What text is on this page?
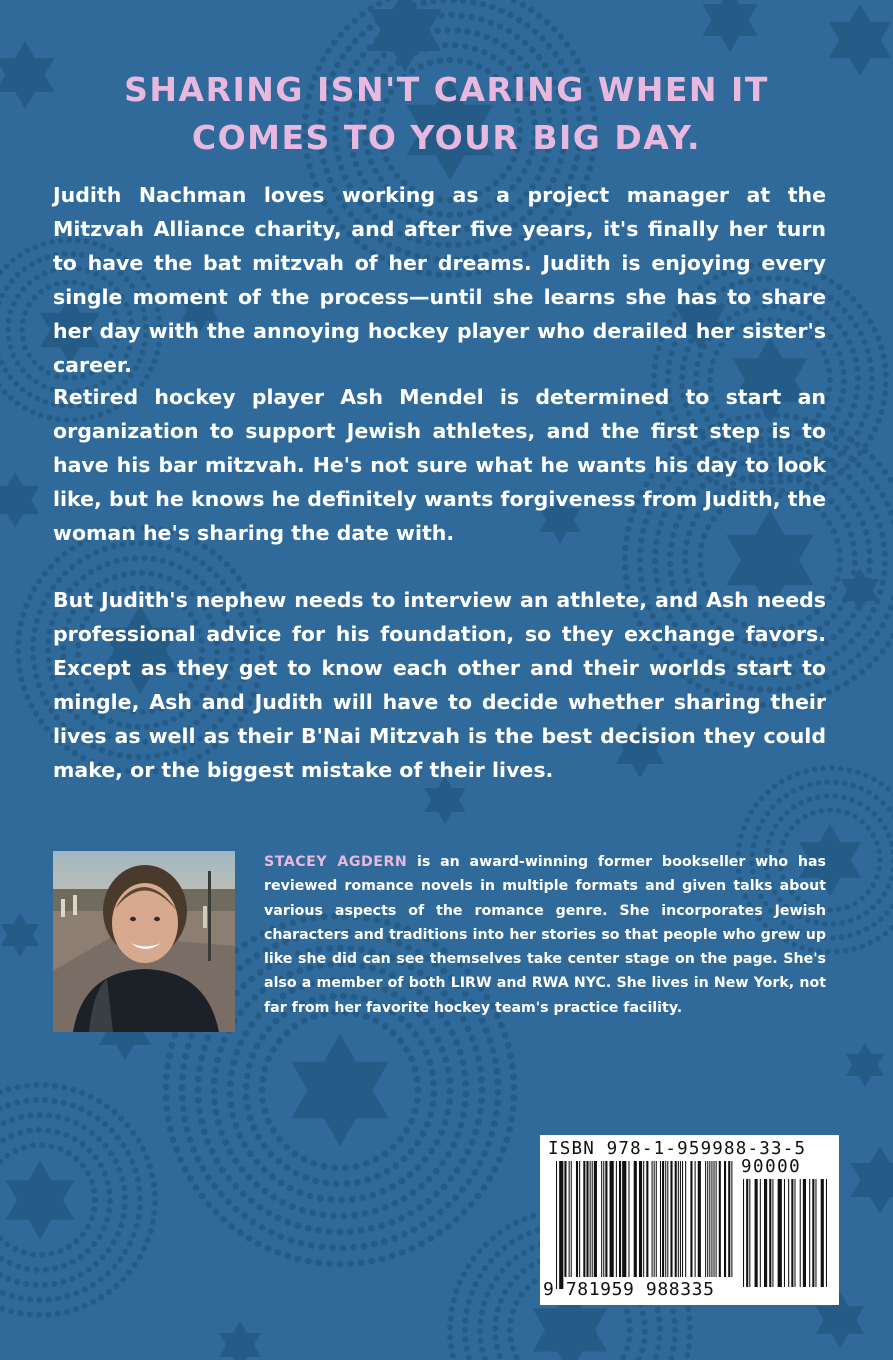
SHARING ISN'T CARING WHEN IT
COMES TO YOUR BIG DAY.

Judith Nachman loves working as a project manager at the Mitzvah Alliance charity, and after five years, it's finally her turn to have the bat mitzvah of her dreams. Judith is enjoying every single moment of the process—until she learns she has to share her day with the annoying hockey player who derailed her sister's career.

Retired hockey player Ash Mendel is determined to start an organization to support Jewish athletes, and the first step is to have his bar mitzvah. He's not sure what he wants his day to look like, but he knows he definitely wants forgiveness from Judith, the woman he's sharing the date with.

But Judith's nephew needs to interview an athlete, and Ash needs professional advice for his foundation, so they exchange favors. Except as they get to know each other and their worlds start to mingle, Ash and Judith will have to decide whether sharing their lives as well as their B'Nai Mitzvah is the best decision they could make, or the biggest mistake of their lives.

STACEY AGDERN is an award-winning former bookseller who has reviewed romance novels in multiple formats and given talks about various aspects of the romance genre. She incorporates Jewish characters and traditions into her stories so that people who grew up like she did can see themselves take center stage on the page. She's also a member of both LIRW and RWA NYC. She lives in New York, not far from her favorite hockey team's practice facility.

ISBN 978-1-959988-33-5
90000
9 781959 988335
